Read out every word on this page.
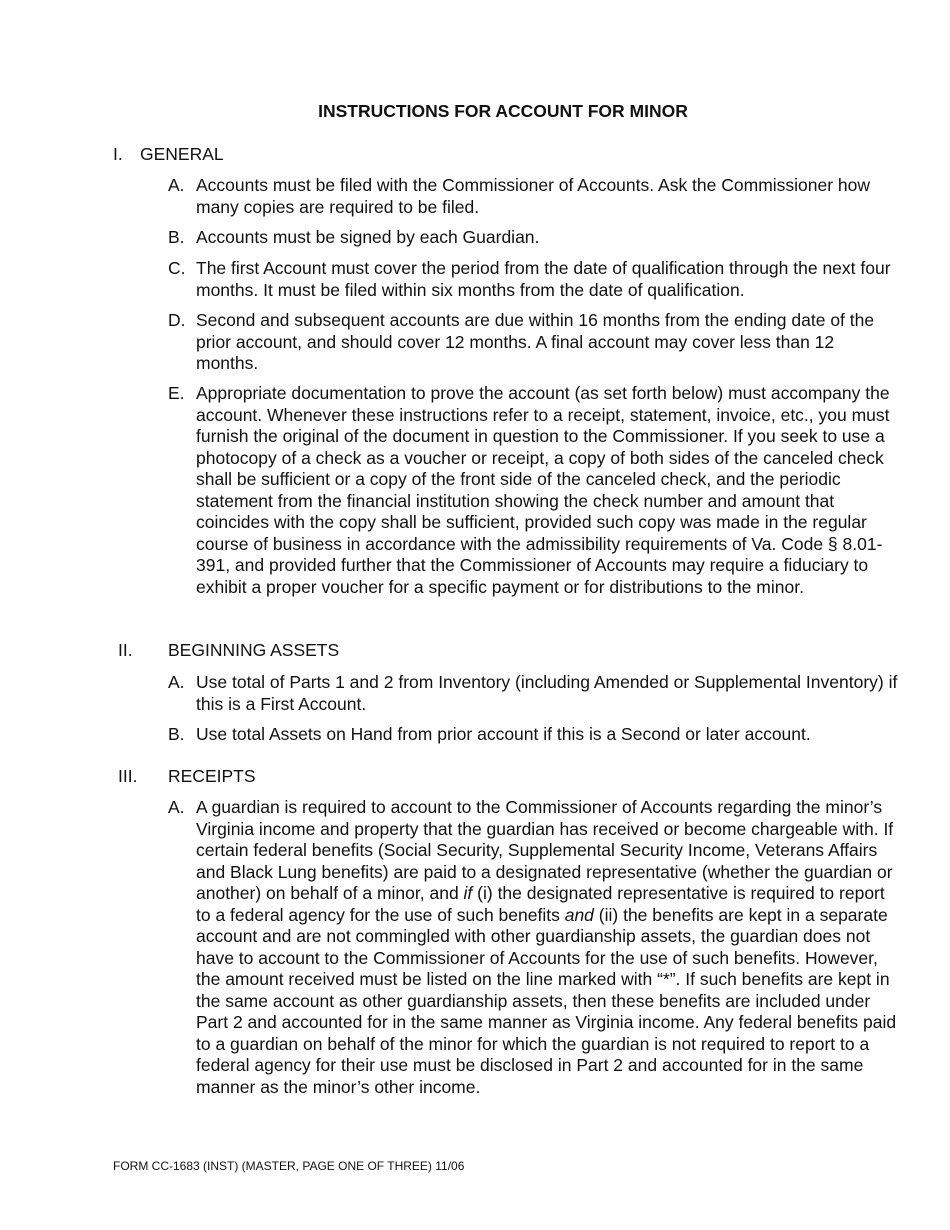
INSTRUCTIONS FOR ACCOUNT FOR MINOR
I. GENERAL
A. Accounts must be filed with the Commissioner of Accounts. Ask the Commissioner how many copies are required to be filed.
B. Accounts must be signed by each Guardian.
C. The first Account must cover the period from the date of qualification through the next four months. It must be filed within six months from the date of qualification.
D. Second and subsequent accounts are due within 16 months from the ending date of the prior account, and should cover 12 months. A final account may cover less than 12 months.
E. Appropriate documentation to prove the account (as set forth below) must accompany the account. Whenever these instructions refer to a receipt, statement, invoice, etc., you must furnish the original of the document in question to the Commissioner. If you seek to use a photocopy of a check as a voucher or receipt, a copy of both sides of the canceled check shall be sufficient or a copy of the front side of the canceled check, and the periodic statement from the financial institution showing the check number and amount that coincides with the copy shall be sufficient, provided such copy was made in the regular course of business in accordance with the admissibility requirements of Va. Code § 8.01-391, and provided further that the Commissioner of Accounts may require a fiduciary to exhibit a proper voucher for a specific payment or for distributions to the minor.
II. BEGINNING ASSETS
A. Use total of Parts 1 and 2 from Inventory (including Amended or Supplemental Inventory) if this is a First Account.
B. Use total Assets on Hand from prior account if this is a Second or later account.
III. RECEIPTS
A. A guardian is required to account to the Commissioner of Accounts regarding the minor’s Virginia income and property that the guardian has received or become chargeable with. If certain federal benefits (Social Security, Supplemental Security Income, Veterans Affairs and Black Lung benefits) are paid to a designated representative (whether the guardian or another) on behalf of a minor, and if (i) the designated representative is required to report to a federal agency for the use of such benefits and (ii) the benefits are kept in a separate account and are not commingled with other guardianship assets, the guardian does not have to account to the Commissioner of Accounts for the use of such benefits. However, the amount received must be listed on the line marked with “*”. If such benefits are kept in the same account as other guardianship assets, then these benefits are included under Part 2 and accounted for in the same manner as Virginia income. Any federal benefits paid to a guardian on behalf of the minor for which the guardian is not required to report to a federal agency for their use must be disclosed in Part 2 and accounted for in the same manner as the minor’s other income.
FORM CC-1683 (INST) (MASTER, PAGE ONE OF THREE) 11/06
